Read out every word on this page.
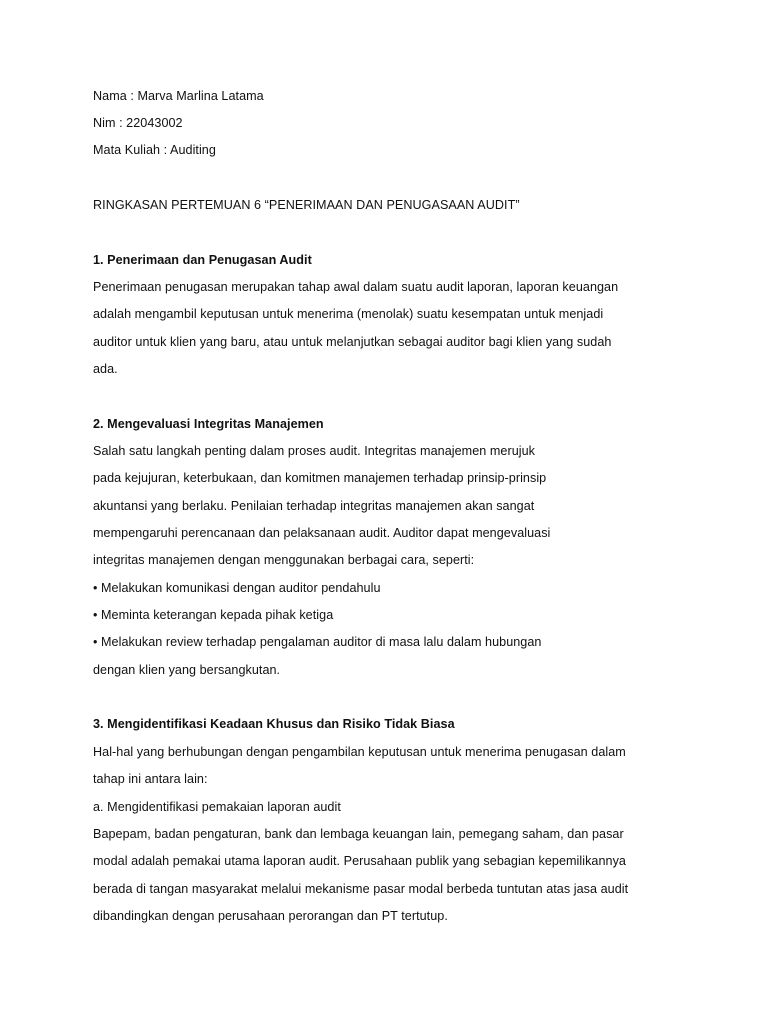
Nama : Marva Marlina Latama
Nim : 22043002
Mata Kuliah : Auditing
RINGKASAN PERTEMUAN 6 “PENERIMAAN DAN PENUGASAAN AUDIT”
1. Penerimaan dan Penugasan Audit
Penerimaan penugasan merupakan tahap awal dalam suatu audit laporan, laporan keuangan
adalah mengambil keputusan untuk menerima (menolak) suatu kesempatan untuk menjadi
auditor untuk klien yang baru, atau untuk melanjutkan sebagai auditor bagi klien yang sudah
ada.
2. Mengevaluasi Integritas Manajemen
Salah satu langkah penting dalam proses audit. Integritas manajemen merujuk
pada kejujuran, keterbukaan, dan komitmen manajemen terhadap prinsip-prinsip
akuntansi yang berlaku. Penilaian terhadap integritas manajemen akan sangat
mempengaruhi perencanaan dan pelaksanaan audit. Auditor dapat mengevaluasi
integritas manajemen dengan menggunakan berbagai cara, seperti:
• Melakukan komunikasi dengan auditor pendahulu
• Meminta keterangan kepada pihak ketiga
• Melakukan review terhadap pengalaman auditor di masa lalu dalam hubungan
dengan klien yang bersangkutan.
3. Mengidentifikasi Keadaan Khusus dan Risiko Tidak Biasa
Hal-hal yang berhubungan dengan pengambilan keputusan untuk menerima penugasan dalam
tahap ini antara lain:
a. Mengidentifikasi pemakaian laporan audit
Bapepam, badan pengaturan, bank dan lembaga keuangan lain, pemegang saham, dan pasar
modal adalah pemakai utama laporan audit. Perusahaan publik yang sebagian kepemilikannya
berada di tangan masyarakat melalui mekanisme pasar modal berbeda tuntutan atas jasa audit
dibandingkan dengan perusahaan perorangan dan PT tertutup.
